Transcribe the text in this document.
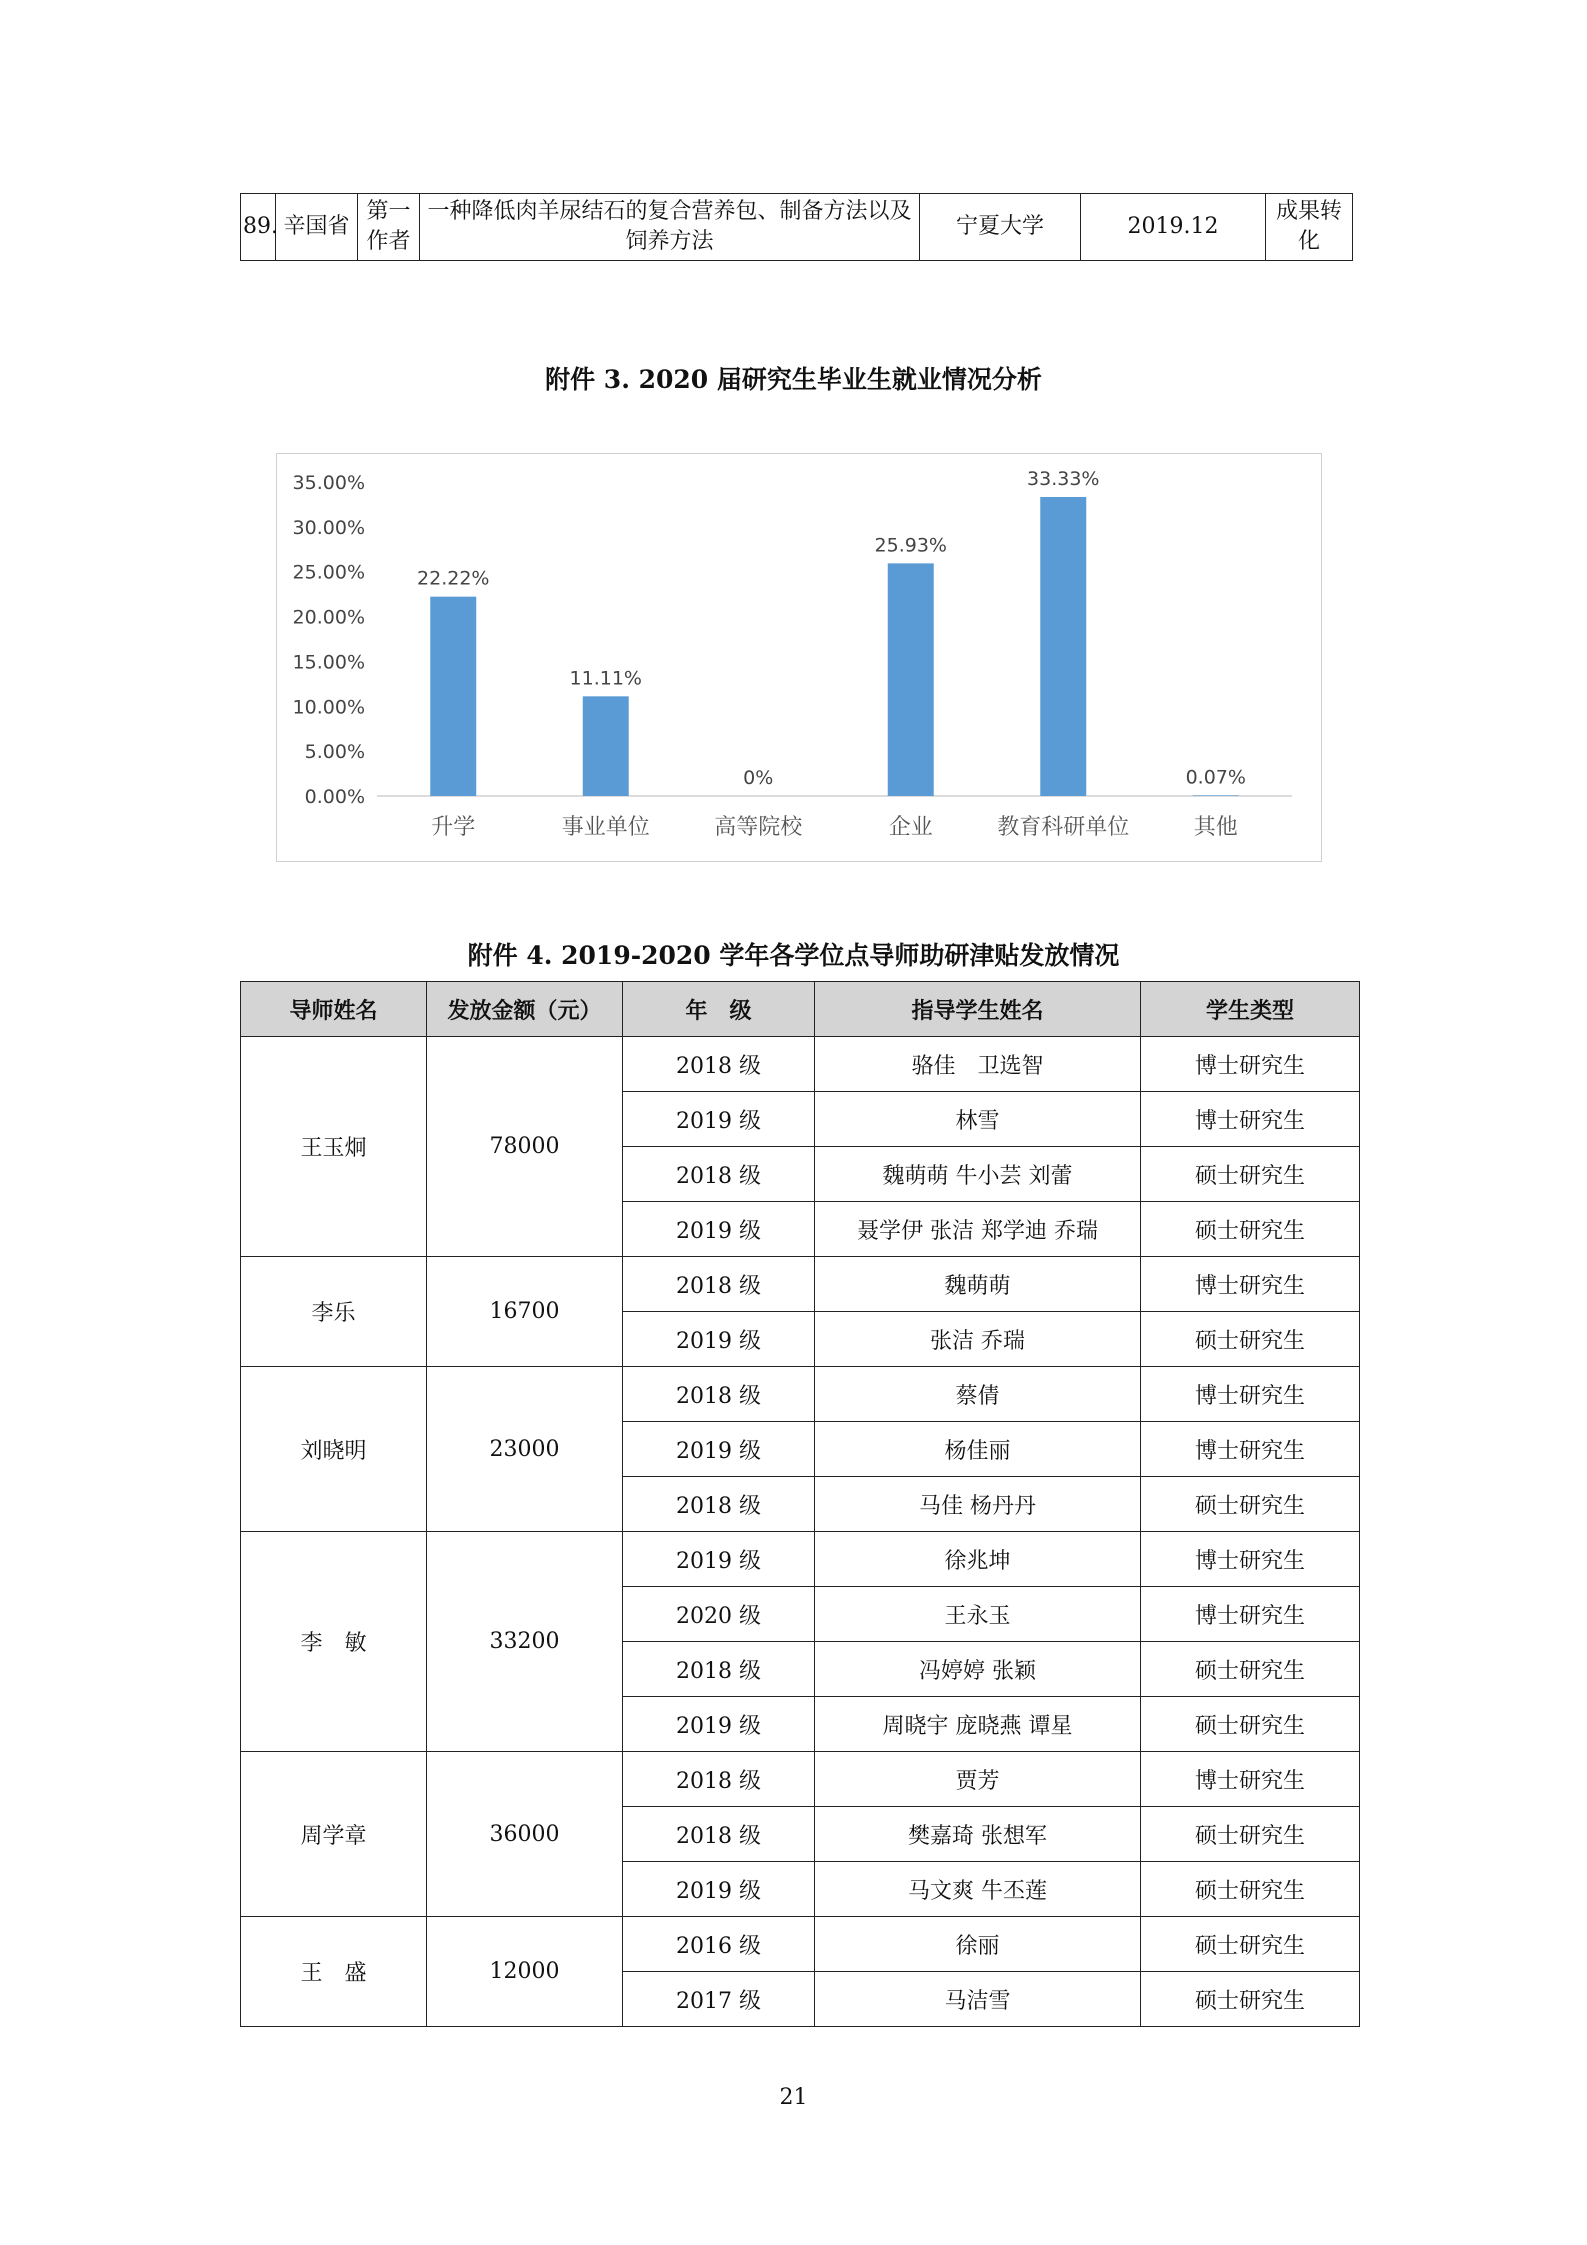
89.	辛国省	第一作者	一种降低肉羊尿结石的复合营养包、制备方法以及饲养方法	宁夏大学	2019.12	成果转化
附件 3. 2020 届研究生毕业生就业情况分析
0.00%
5.00%
10.00%
15.00%
20.00%
25.00%
30.00%
35.00%
22.22%
升学
11.11%
事业单位
0%
高等院校
25.93%
企业
33.33%
教育科研单位
0.07%
其他
附件 4. 2019-2020 学年各学位点导师助研津贴发放情况
导师姓名	发放金额（元）	年　级	指导学生姓名	学生类型
王玉炯	78000	2018 级	骆佳　卫选智	博士研究生
		2019 级	林雪	博士研究生
		2018 级	魏萌萌 牛小芸 刘蕾	硕士研究生
		2019 级	聂学伊 张洁 郑学迪 乔瑞	硕士研究生
李乐	16700	2018 级	魏萌萌	博士研究生
		2019 级	张洁 乔瑞	硕士研究生
刘晓明	23000	2018 级	蔡倩	博士研究生
		2019 级	杨佳丽	博士研究生
		2018 级	马佳 杨丹丹	硕士研究生
李　敏	33200	2019 级	徐兆坤	博士研究生
		2020 级	王永玉	博士研究生
		2018 级	冯婷婷 张颖	硕士研究生
		2019 级	周晓宇 庞晓燕 谭星	硕士研究生
周学章	36000	2018 级	贾芳	博士研究生
		2018 级	樊嘉琦 张想军	硕士研究生
		2019 级	马文爽 牛丕莲	硕士研究生
王　盛	12000	2016 级	徐丽	硕士研究生
		2017 级	马洁雪	硕士研究生
21
